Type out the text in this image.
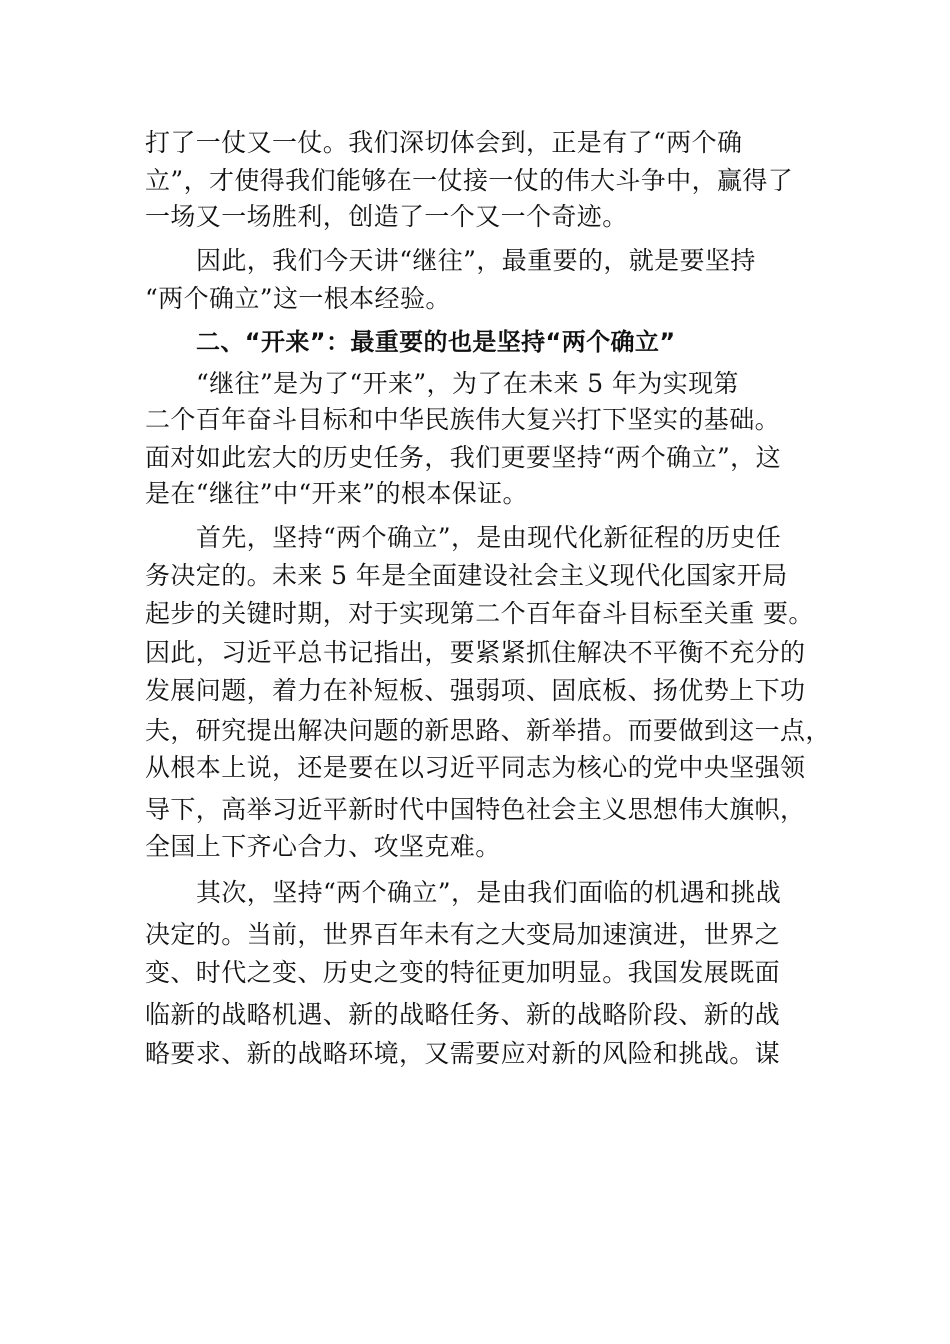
打了一仗又一仗。我们深切体会到，正是有了“两个确
立”，才使得我们能够在一仗接一仗的伟大斗争中，赢得了
一场又一场胜利，创造了一个又一个奇迹。
因此，我们今天讲“继往”，最重要的，就是要坚持
“两个确立”这一根本经验。
二、“开来”：最重要的也是坚持“两个确立”
“继往”是为了“开来”，为了在未来 5 年为实现第
二个百年奋斗目标和中华民族伟大复兴打下坚实的基础。
面对如此宏大的历史任务，我们更要坚持“两个确立”，这
是在“继往”中“开来”的根本保证。
首先，坚持“两个确立”，是由现代化新征程的历史任
务决定的。未来 5 年是全面建设社会主义现代化国家开局
起步的关键时期，对于实现第二个百年奋斗目标至关重 要。
因此，习近平总书记指出，要紧紧抓住解决不平衡不充分的
发展问题，着力在补短板、强弱项、固底板、扬优势上下功
夫，研究提出解决问题的新思路、新举措。而要做到这一点，
从根本上说，还是要在以习近平同志为核心的党中央坚强领
导下，高举习近平新时代中国特色社会主义思想伟大旗帜，
全国上下齐心合力、攻坚克难。
其次，坚持“两个确立”，是由我们面临的机遇和挑战
决定的。当前，世界百年未有之大变局加速演进，世界之
变、时代之变、历史之变的特征更加明显。我国发展既面
临新的战略机遇、新的战略任务、新的战略阶段、新的战
略要求、新的战略环境，又需要应对新的风险和挑战。谋
